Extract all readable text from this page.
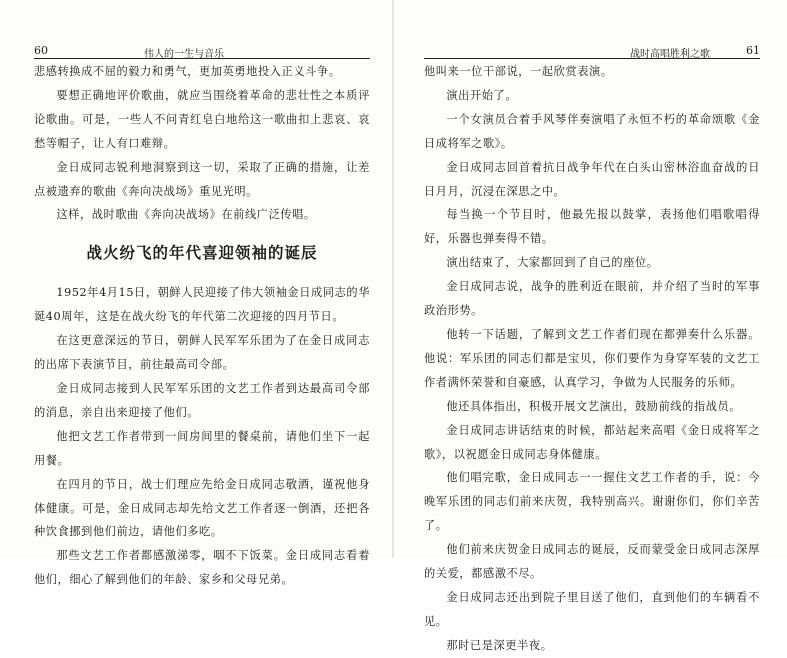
60	伟人的一生与音乐

悲感转换成不屈的毅力和勇气，更加英勇地投入正义斗争。

要想正确地评价歌曲，就应当围绕着革命的悲壮性之本质评论歌曲。可是，一些人不问青红皂白地给这一歌曲扣上悲哀、哀愁等帽子，让人有口难辩。

金日成同志锐利地洞察到这一切，采取了正确的措施，让差点被遗弃的歌曲《奔向决战场》重见光明。

这样，战时歌曲《奔向决战场》在前线广泛传唱。

战火纷飞的年代喜迎领袖的诞辰

1952年4月15日，朝鲜人民迎接了伟大领袖金日成同志的华诞40周年，这是在战火纷飞的年代第二次迎接的四月节日。

在这更意深远的节日，朝鲜人民军军乐团为了在金日成同志的出席下表演节目，前往最高司令部。

金日成同志接到人民军军乐团的文艺工作者到达最高司令部的消息，亲自出来迎接了他们。

他把文艺工作者带到一间房间里的餐桌前，请他们坐下一起用餐。

在四月的节日，战士们理应先给金日成同志敬酒，谨祝他身体健康。可是，金日成同志却先给文艺工作者逐一倒酒，还把各种饮食挪到他们前边，请他们多吃。

那些文艺工作者都感激涕零，咽不下饭菜。金日成同志看着他们，细心了解到他们的年龄、家乡和父母兄弟。

战时高唱胜利之歌	61

他叫来一位干部说，一起欣赏表演。

演出开始了。

一个女演员合着手风琴伴奏演唱了永恒不朽的革命颂歌《金日成将军之歌》。

金日成同志回首着抗日战争年代在白头山密林浴血奋战的日日月月，沉浸在深思之中。

每当换一个节目时，他最先报以鼓掌，表扬他们唱歌唱得好，乐器也弹奏得不错。

演出结束了，大家都回到了自己的座位。

金日成同志说，战争的胜利近在眼前，并介绍了当时的军事政治形势。

他转一下话题，了解到文艺工作者们现在都弹奏什么乐器。他说：军乐团的同志们都是宝贝，你们要作为身穿军装的文艺工作者满怀荣誉和自豪感，认真学习，争做为人民服务的乐师。

他还具体指出，积极开展文艺演出，鼓励前线的指战员。

金日成同志讲话结束的时候，都站起来高唱《金日成将军之歌》，以祝愿金日成同志身体健康。

他们唱完歌，金日成同志一一握住文艺工作者的手，说：今晚军乐团的同志们前来庆贺，我特别高兴。谢谢你们，你们辛苦了。

他们前来庆贺金日成同志的诞辰，反而蒙受金日成同志深厚的关爱，都感激不尽。

金日成同志还出到院子里目送了他们，直到他们的车辆看不见。

那时已是深更半夜。
